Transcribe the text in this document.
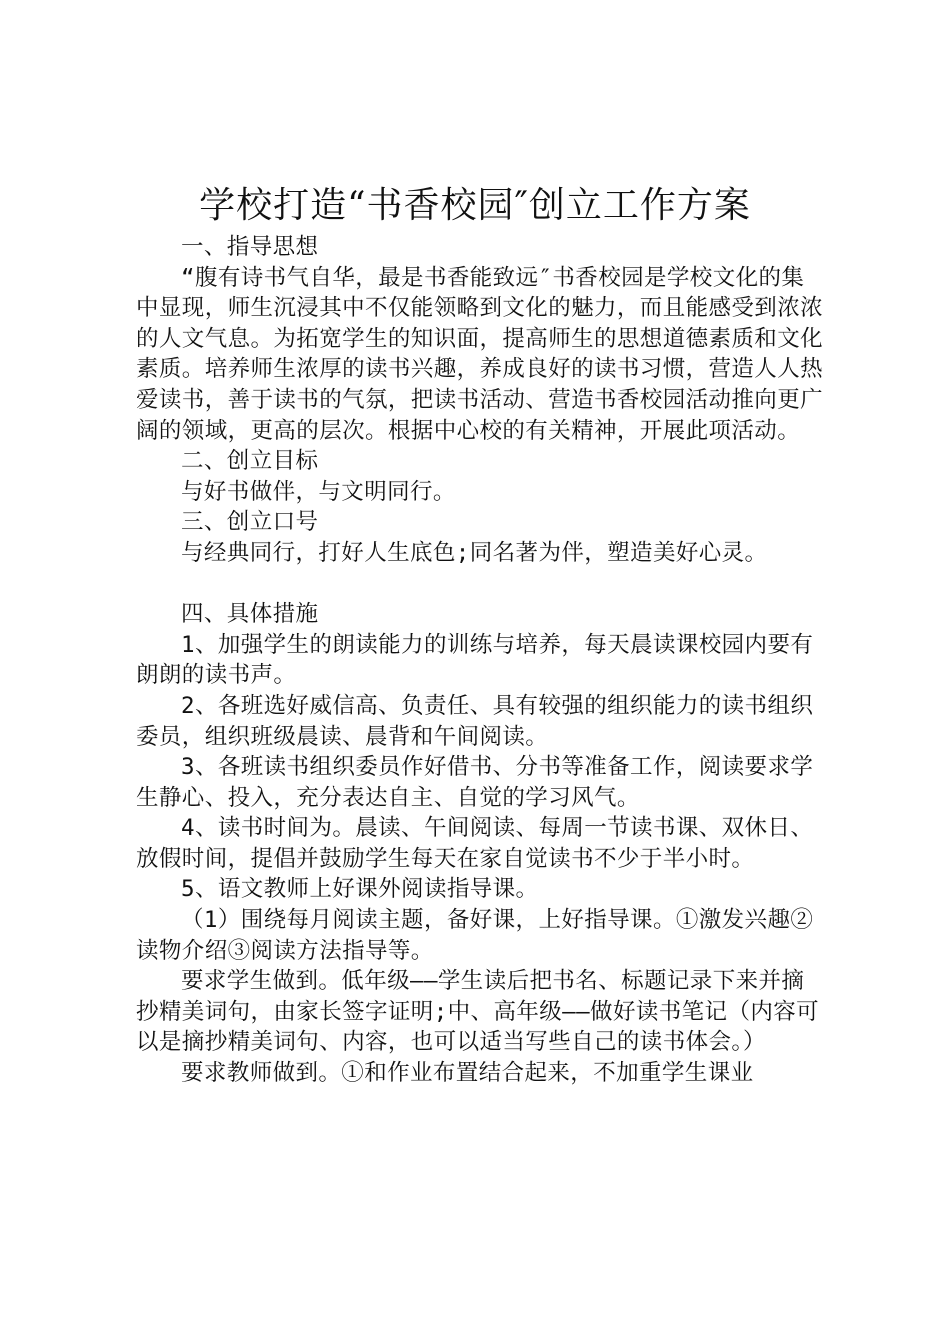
学校打造“书香校园″创立工作方案

一、指导思想

“腹有诗书气自华，最是书香能致远″书香校园是学校文化的集中显现，师生沉浸其中不仅能领略到文化的魅力，而且能感受到浓浓的人文气息。为拓宽学生的知识面，提高师生的思想道德素质和文化素质。培养师生浓厚的读书兴趣，养成良好的读书习惯，营造人人热爱读书，善于读书的气氛，把读书活动、营造书香校园活动推向更广阔的领域，更高的层次。根据中心校的有关精神，开展此项活动。

二、创立目标

与好书做伴，与文明同行。

三、创立口号

与经典同行，打好人生底色;同名著为伴，塑造美好心灵。

四、具体措施

1、加强学生的朗读能力的训练与培养，每天晨读课校园内要有朗朗的读书声。

2、各班选好威信高、负责任、具有较强的组织能力的读书组织委员，组织班级晨读、晨背和午间阅读。

3、各班读书组织委员作好借书、分书等准备工作，阅读要求学生静心、投入，充分表达自主、自觉的学习风气。

4、读书时间为。晨读、午间阅读、每周一节读书课、双休日、放假时间，提倡并鼓励学生每天在家自觉读书不少于半小时。

5、语文教师上好课外阅读指导课。

（1）围绕每月阅读主题，备好课，上好指导课。①激发兴趣②读物介绍③阅读方法指导等。

要求学生做到。低年级——学生读后把书名、标题记录下来并摘抄精美词句，由家长签字证明;中、高年级——做好读书笔记（内容可以是摘抄精美词句、内容，也可以适当写些自己的读书体会。）

要求教师做到。①和作业布置结合起来，不加重学生课业
